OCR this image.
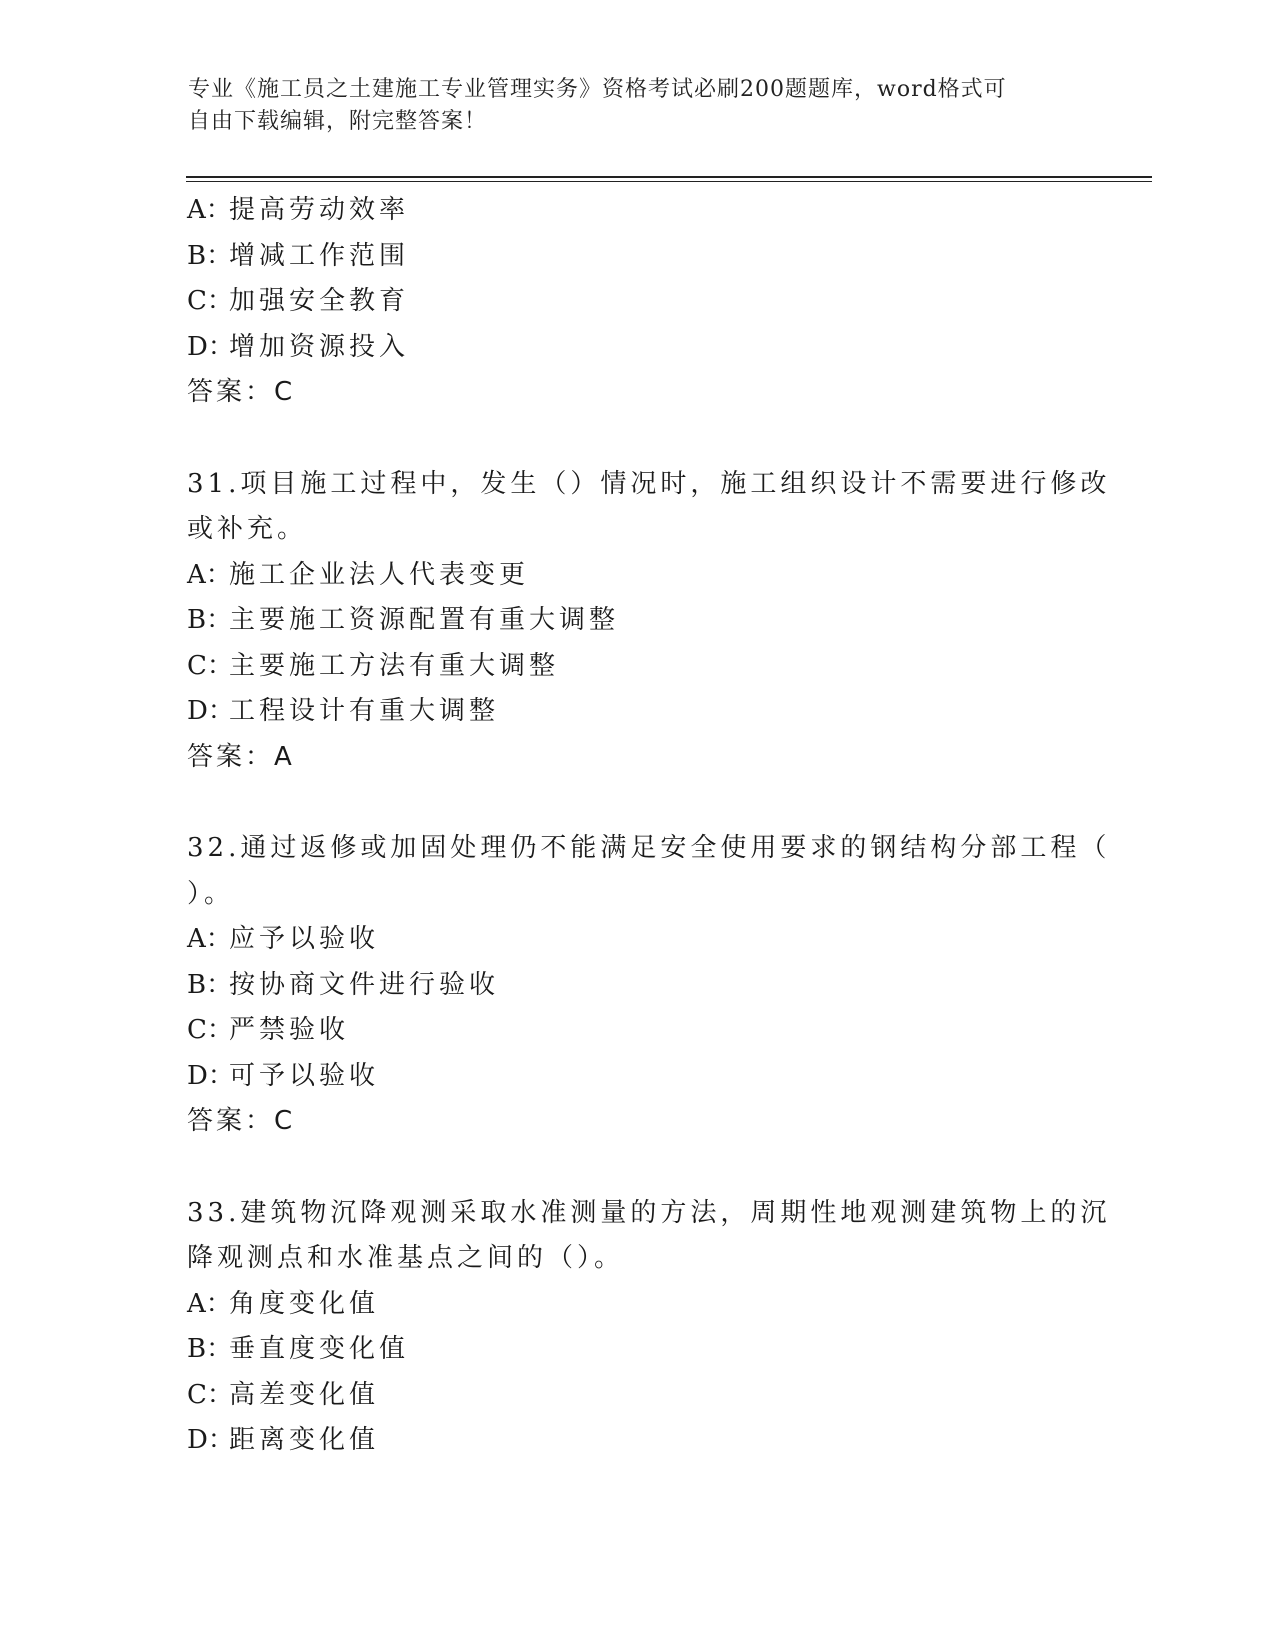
专业《施工员之土建施工专业管理实务》资格考试必刷200题题库，word格式可
自由下载编辑，附完整答案！
A：提高劳动效率
B：增减工作范围
C：加强安全教育
D：增加资源投入
答案：C
31.项目施工过程中，发生（）情况时，施工组织设计不需要进行修改
或补充。
A：施工企业法人代表变更
B：主要施工资源配置有重大调整
C：主要施工方法有重大调整
D：工程设计有重大调整
答案：A
32.通过返修或加固处理仍不能满足安全使用要求的钢结构分部工程（
）。
A：应予以验收
B：按协商文件进行验收
C：严禁验收
D：可予以验收
答案：C
33.建筑物沉降观测采取水准测量的方法，周期性地观测建筑物上的沉
降观测点和水准基点之间的（）。
A：角度变化值
B：垂直度变化值
C：高差变化值
D：距离变化值
